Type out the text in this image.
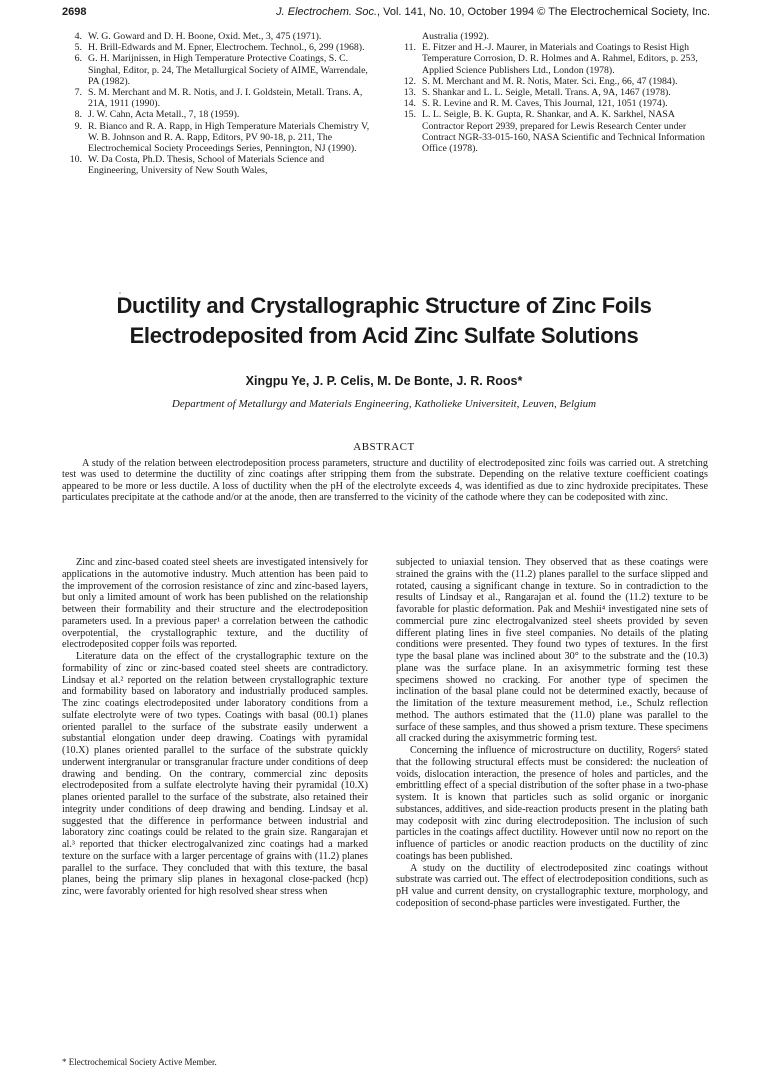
2698	J. Electrochem. Soc., Vol. 141, No. 10, October 1994 © The Electrochemical Society, Inc.
4. W. G. Goward and D. H. Boone, Oxid. Met., 3, 475 (1971).
5. H. Brill-Edwards and M. Epner, Electrochem. Technol., 6, 299 (1968).
6. G. H. Marijnissen, in High Temperature Protective Coatings, S. C. Singhal, Editor, p. 24, The Metallurgical Society of AIME, Warrendale, PA (1982).
7. S. M. Merchant and M. R. Notis, and J. I. Goldstein, Metall. Trans. A, 21A, 1911 (1990).
8. J. W. Cahn, Acta Metall., 7, 18 (1959).
9. R. Bianco and R. A. Rapp, in High Temperature Materials Chemistry V, W. B. Johnson and R. A. Rapp, Editors, PV 90-18, p. 211, The Electrochemical Society Proceedings Series, Pennington, NJ (1990).
10. W. Da Costa, Ph.D. Thesis, School of Materials Science and Engineering, University of New South Wales,
Australia (1992).
11. E. Fitzer and H.-J. Maurer, in Materials and Coatings to Resist High Temperature Corrosion, D. R. Holmes and A. Rahmel, Editors, p. 253, Applied Science Publishers Ltd., London (1978).
12. S. M. Merchant and M. R. Notis, Mater. Sci. Eng., 66, 47 (1984).
13. S. Shankar and L. L. Seigle, Metall. Trans. A, 9A, 1467 (1978).
14. S. R. Levine and R. M. Caves, This Journal, 121, 1051 (1974).
15. L. L. Seigle, B. K. Gupta, R. Shankar, and A. K. Sarkhel, NASA Contractor Report 2939, prepared for Lewis Research Center under Contract NGR-33-015-160, NASA Scientific and Technical Information Office (1978).
Ductility and Crystallographic Structure of Zinc Foils
Electrodeposited from Acid Zinc Sulfate Solutions
Xingpu Ye, J. P. Celis, M. De Bonte, J. R. Roos*
Department of Metallurgy and Materials Engineering, Katholieke Universiteit, Leuven, Belgium
ABSTRACT
A study of the relation between electrodeposition process parameters, structure and ductility of electrodeposited zinc foils was carried out. A stretching test was used to determine the ductility of zinc coatings after stripping them from the substrate. Depending on the relative texture coefficient coatings appeared to be more or less ductile. A loss of ductility when the pH of the electrolyte exceeds 4, was identified as due to zinc hydroxide precipitates. These particulates precipitate at the cathode and/or at the anode, then are transferred to the vicinity of the cathode where they can be codeposited with zinc.

Zinc and zinc-based coated steel sheets are investigated intensively for applications in the automotive industry. Much attention has been paid to the improvement of the corrosion resistance of zinc and zinc-based layers, but only a limited amount of work has been published on the relationship between their formability and their structure and the electrodeposition parameters used. In a previous paper¹ a correlation between the cathodic overpotential, the crystallographic texture, and the ductility of electrodeposited copper foils was reported.

Literature data on the effect of the crystallographic texture on the formability of zinc or zinc-based coated steel sheets are contradictory. Lindsay et al.² reported on the relation between crystallographic texture and formability based on laboratory and industrially produced samples. The zinc coatings electrodeposited under laboratory conditions from a sulfate electrolyte were of two types. Coatings with basal (00.1) planes oriented parallel to the surface of the substrate easily underwent a substantial elongation under deep drawing. Coatings with pyramidal (10.X) planes oriented parallel to the surface of the substrate quickly underwent intergranular or transgranular fracture under conditions of deep drawing and bending. On the contrary, commercial zinc deposits electrodeposited from a sulfate electrolyte having their pyramidal (10.X) planes oriented parallel to the surface of the substrate, also retained their integrity under conditions of deep drawing and bending. Lindsay et al. suggested that the difference in performance between industrial and laboratory zinc coatings could be related to the grain size. Rangarajan et al.³ reported that thicker electrogalvanized zinc coatings had a marked texture on the surface with a larger percentage of grains with (11.2) planes parallel to the surface. They concluded that with this texture, the basal planes, being the primary slip planes in hexagonal close-packed (hcp) zinc, were favorably oriented for high resolved shear stress when

subjected to uniaxial tension. They observed that as these coatings were strained the grains with the (11.2) planes parallel to the surface slipped and rotated, causing a significant change in texture. So in contradiction to the results of Lindsay et al., Rangarajan et al. found the (11.2) texture to be favorable for plastic deformation. Pak and Meshii⁴ investigated nine sets of commercial pure zinc electrogalvanized steel sheets provided by seven different plating lines in five steel companies. No details of the plating conditions were presented. They found two types of textures. In the first type the basal plane was inclined about 30° to the substrate and the (10.3) plane was the surface plane. In an axisymmetric forming test these specimens showed no cracking. For another type of specimen the inclination of the basal plane could not be determined exactly, because of the limitation of the texture measurement method, i.e., Schulz reflection method. The authors estimated that the (11.0) plane was parallel to the surface of these samples, and thus showed a prism texture. These specimens all cracked during the axisymmetric forming test.

Concerning the influence of microstructure on ductility, Rogers⁵ stated that the following structural effects must be considered: the nucleation of voids, dislocation interaction, the presence of holes and particles, and the embrittling effect of a special distribution of the softer phase in a two-phase system. It is known that particles such as solid organic or inorganic substances, additives, and side-reaction products present in the plating bath may codeposit with zinc during electrodeposition. The inclusion of such particles in the coatings affect ductility. However until now no report on the influence of particles or anodic reaction products on the ductility of zinc coatings has been published.

A study on the ductility of electrodeposited zinc coatings without substrate was carried out. The effect of electrodeposition conditions, such as pH value and current density, on crystallographic texture, morphology, and codeposition of second-phase particles were investigated. Further, the

* Electrochemical Society Active Member.
